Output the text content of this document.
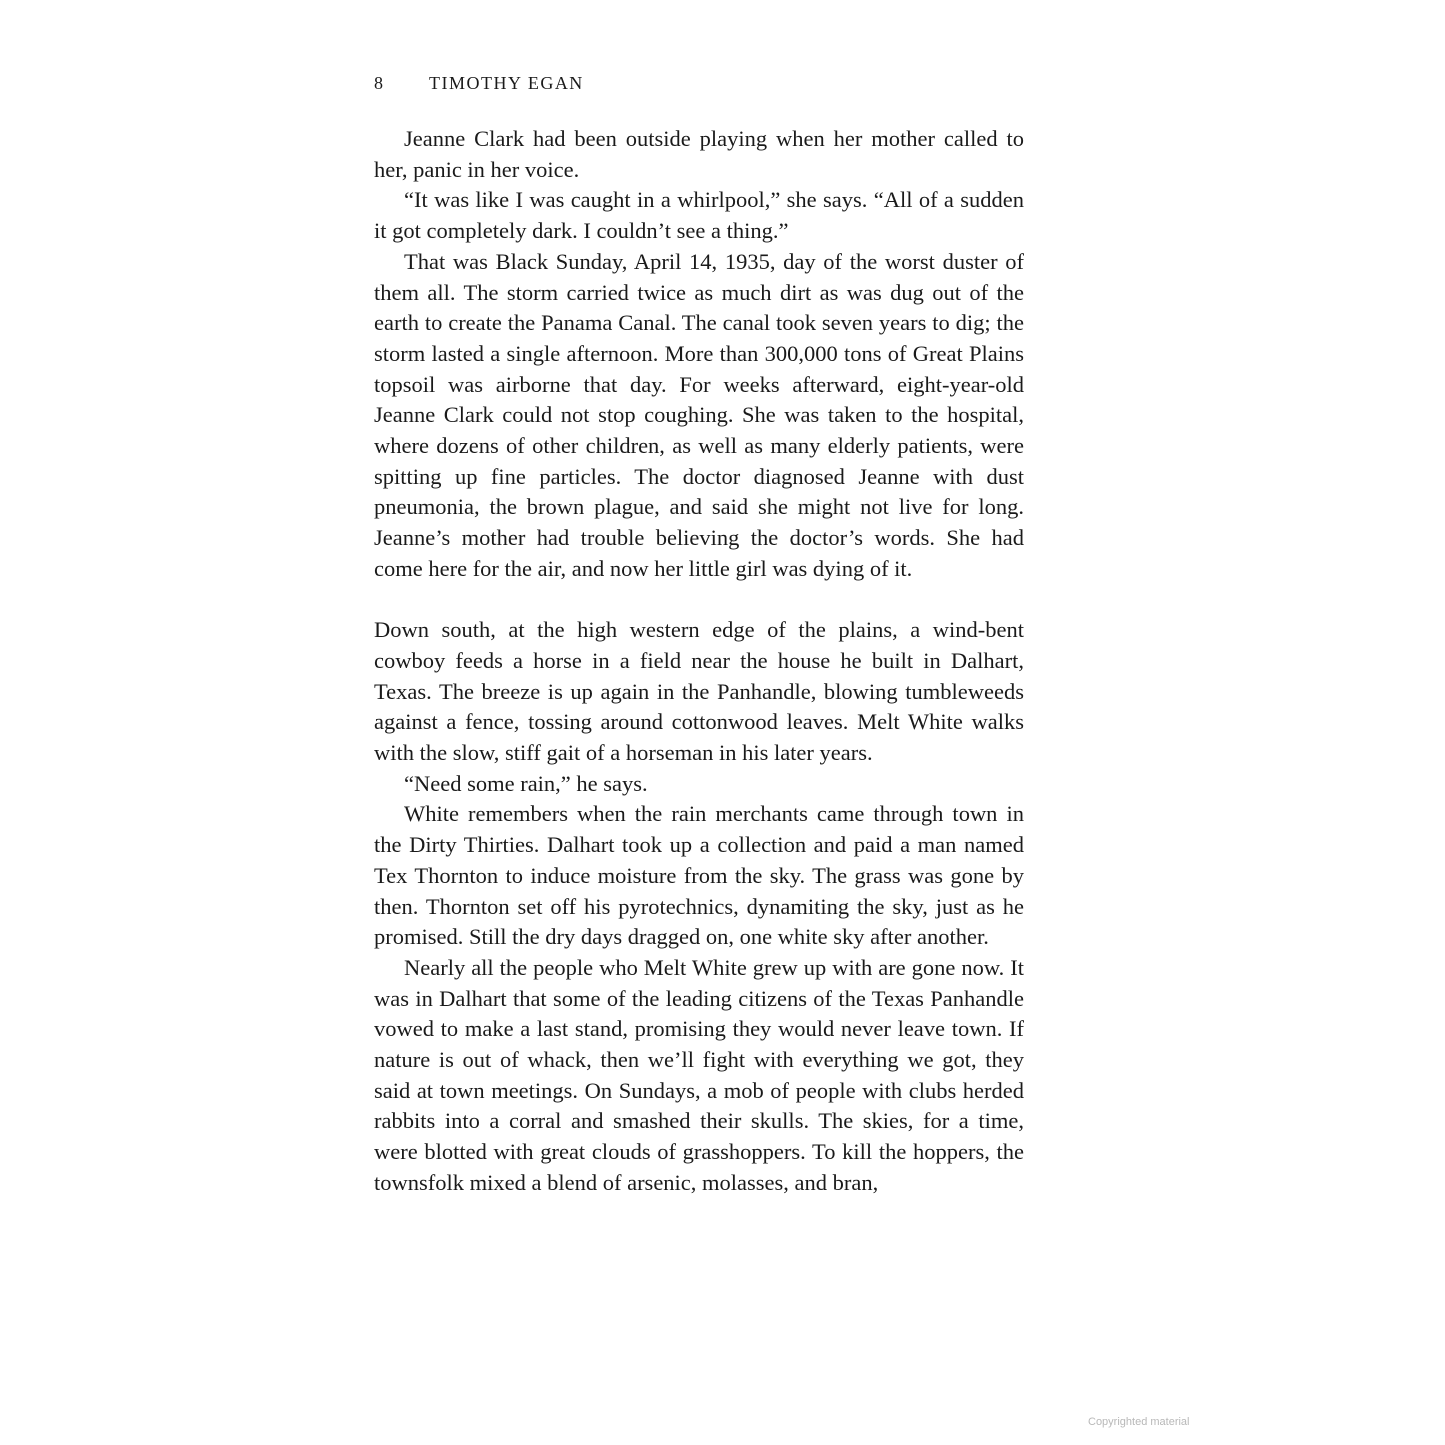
8 TIMOTHY EGAN

Jeanne Clark had been outside playing when her mother called to her, panic in her voice.

“It was like I was caught in a whirlpool,” she says. “All of a sudden it got completely dark. I couldn’t see a thing.”

That was Black Sunday, April 14, 1935, day of the worst duster of them all. The storm carried twice as much dirt as was dug out of the earth to create the Panama Canal. The canal took seven years to dig; the storm lasted a single afternoon. More than 300,000 tons of Great Plains topsoil was airborne that day. For weeks afterward, eight-year-old Jeanne Clark could not stop coughing. She was taken to the hospital, where dozens of other children, as well as many elderly patients, were spitting up fine particles. The doctor diagnosed Jeanne with dust pneumonia, the brown plague, and said she might not live for long. Jeanne’s mother had trouble believing the doctor’s words. She had come here for the air, and now her little girl was dying of it.

Down south, at the high western edge of the plains, a wind-bent cowboy feeds a horse in a field near the house he built in Dalhart, Texas. The breeze is up again in the Panhandle, blowing tumbleweeds against a fence, tossing around cottonwood leaves. Melt White walks with the slow, stiff gait of a horseman in his later years.

“Need some rain,” he says.

White remembers when the rain merchants came through town in the Dirty Thirties. Dalhart took up a collection and paid a man named Tex Thornton to induce moisture from the sky. The grass was gone by then. Thornton set off his pyrotechnics, dynamiting the sky, just as he promised. Still the dry days dragged on, one white sky after another.

Nearly all the people who Melt White grew up with are gone now. It was in Dalhart that some of the leading citizens of the Texas Panhandle vowed to make a last stand, promising they would never leave town. If nature is out of whack, then we’ll fight with everything we got, they said at town meetings. On Sundays, a mob of people with clubs herded rabbits into a corral and smashed their skulls. The skies, for a time, were blotted with great clouds of grasshoppers. To kill the hoppers, the townsfolk mixed a blend of arsenic, molasses, and bran,

Copyrighted material
